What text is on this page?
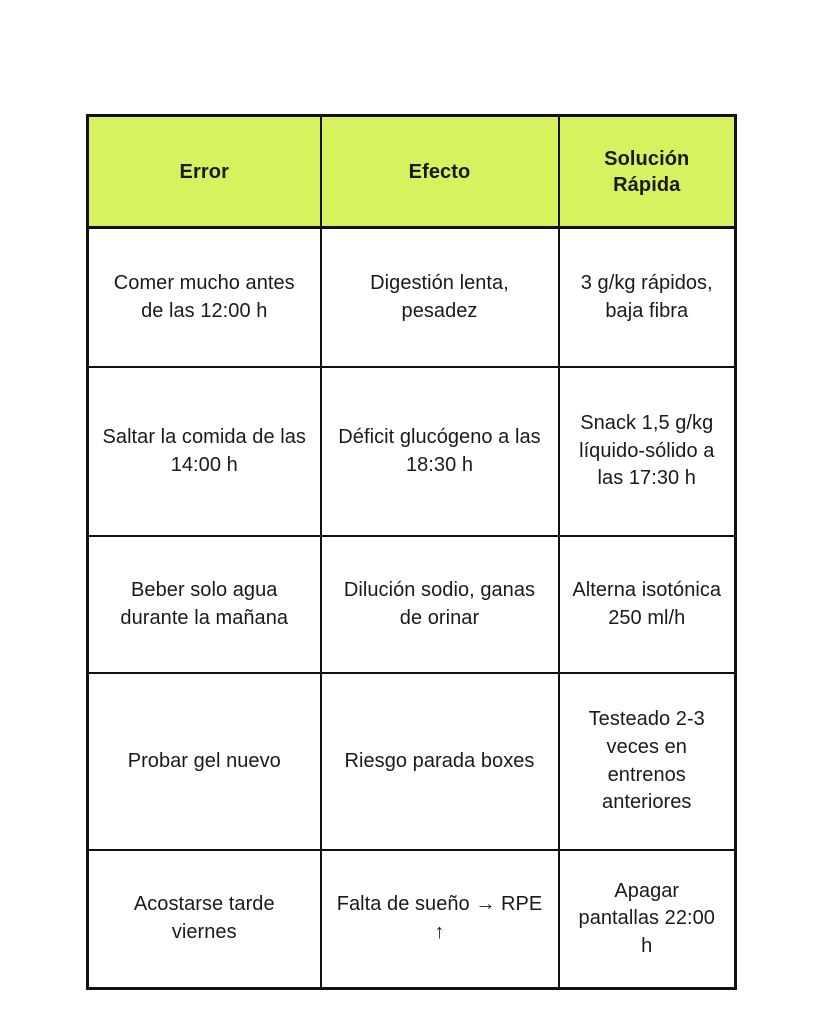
Error	Efecto	Solución Rápida

Comer mucho antes de las 12:00 h	Digestión lenta, pesadez	3 g/kg rápidos, baja fibra

Saltar la comida de las 14:00 h	Déficit glucógeno a las 18:30 h	Snack 1,5 g/kg líquido-sólido a las 17:30 h

Beber solo agua durante la mañana	Dilución sodio, ganas de orinar	Alterna isotónica 250 ml/h

Probar gel nuevo	Riesgo parada boxes	Testeado 2-3 veces en entrenos anteriores

Acostarse tarde viernes	Falta de sueño → RPE ↑	Apagar pantallas 22:00 h
